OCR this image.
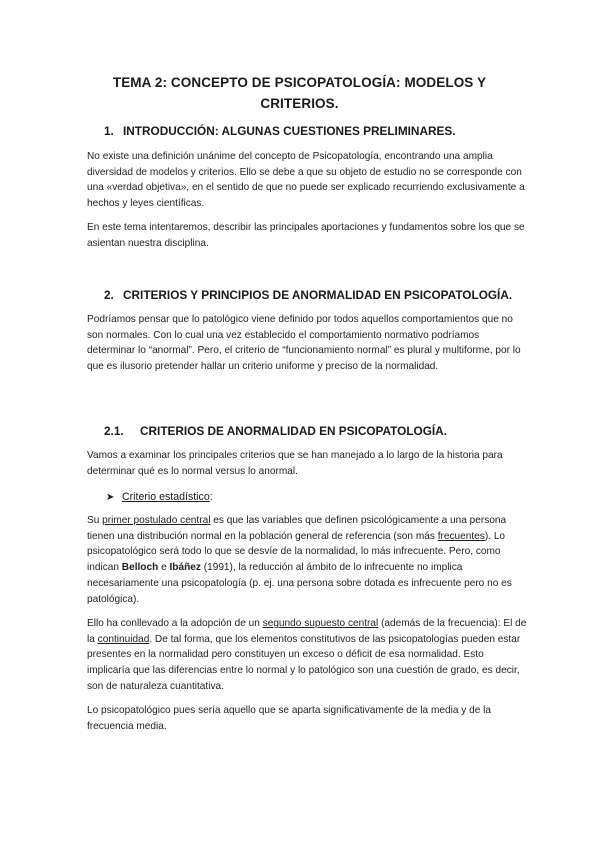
TEMA 2: CONCEPTO DE PSICOPATOLOGÍA: MODELOS Y
CRITERIOS.
1. INTRODUCCIÓN: ALGUNAS CUESTIONES PRELIMINARES.

No existe una definición unánime del concepto de Psicopatología, encontrando una amplia diversidad de modelos y criterios. Ello se debe a que su objeto de estudio no se corresponde con una «verdad objetiva», en el sentido de que no puede ser explicado recurriendo exclusivamente a hechos y leyes científicas.

En este tema intentaremos, describir las principales aportaciones y fundamentos sobre los que se asientan nuestra disciplina.

2. CRITERIOS Y PRINCIPIOS DE ANORMALIDAD EN PSICOPATOLOGÍA.

Podríamos pensar que lo patológico viene definido por todos aquellos comportamientos que no son normales. Con lo cual una vez establecido el comportamiento normativo podríamos determinar lo “anormal”. Pero, el criterio de “funcionamiento normal” es plural y multiforme, por lo que es ilusorio pretender hallar un criterio uniforme y preciso de la normalidad.

2.1. CRITERIOS DE ANORMALIDAD EN PSICOPATOLOGÍA.

Vamos a examinar los principales criterios que se han manejado a lo largo de la historia para determinar qué es lo normal versus lo anormal.

➤ Criterio estadístico:

Su primer postulado central es que las variables que definen psicológicamente a una persona tienen una distribución normal en la población general de referencia (son más frecuentes). Lo psicopatológico será todo lo que se desvíe de la normalidad, lo más infrecuente. Pero, como indican Belloch e Ibáñez (1991), la reducción al ámbito de lo infrecuente no implica necesariamente una psicopatología (p. ej. una persona sobre dotada es infrecuente pero no es patológica).

Ello ha conllevado a la adopción de un segundo supuesto central (además de la frecuencia): El de la continuidad. De tal forma, que los elementos constitutivos de las psicopatologías pueden estar presentes en la normalidad pero constituyen un exceso o déficit de esa normalidad. Esto implicaría que las diferencias entre lo normal y lo patológico son una cuestión de grado, es decir, son de naturaleza cuantitativa.

Lo psicopatológico pues sería aquello que se aparta significativamente de la media y de la frecuencia media.
